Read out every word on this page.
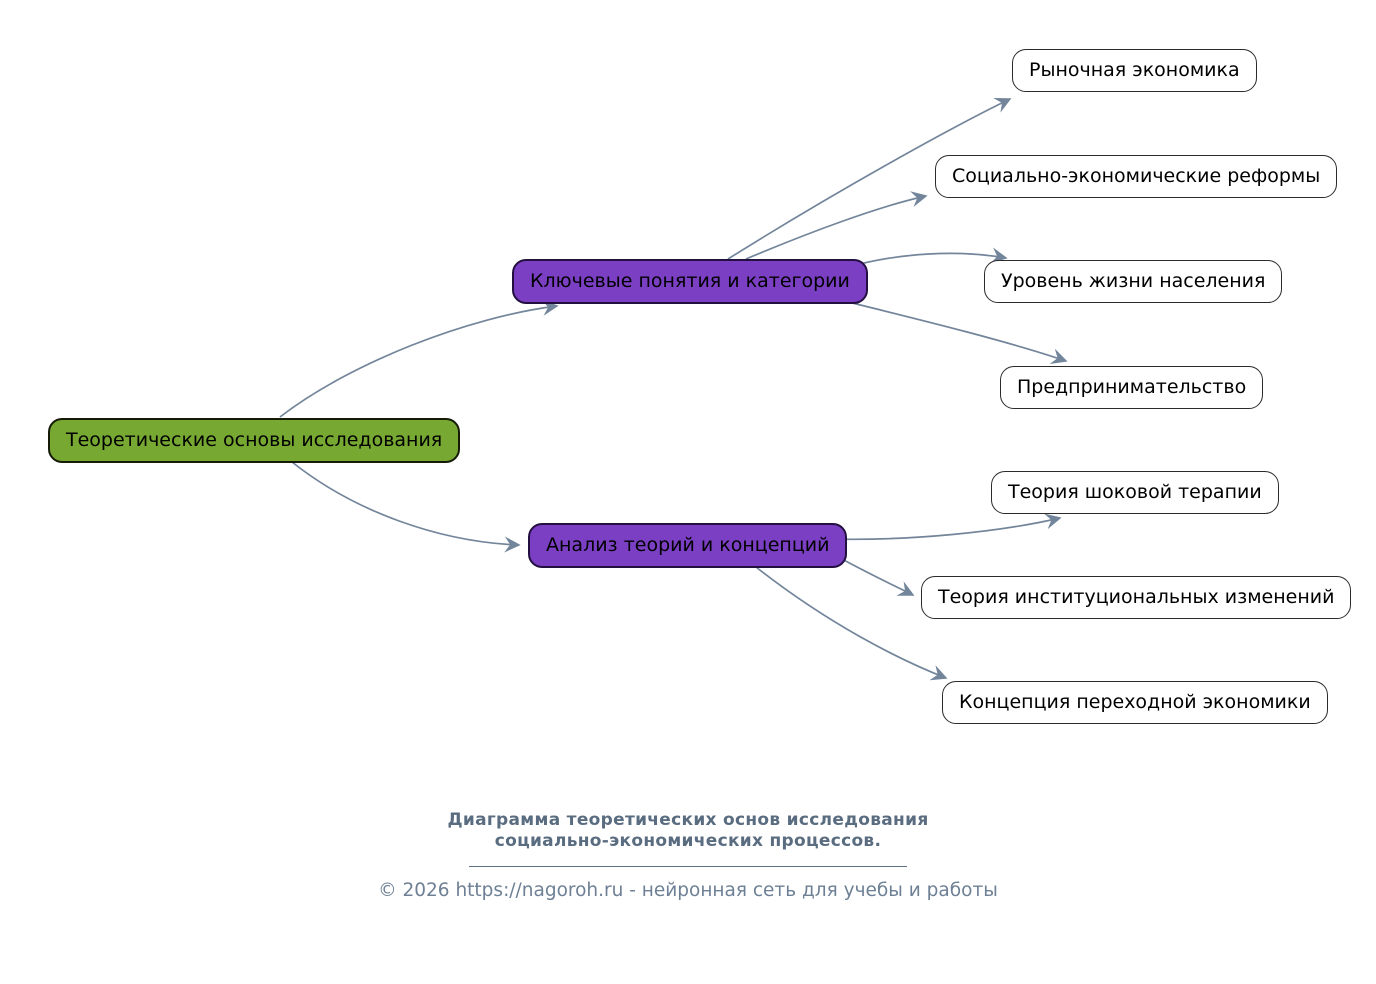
Теоретические основы исследования
Ключевые понятия и категории
Анализ теорий и концепций
Рыночная экономика
Социально-экономические реформы
Уровень жизни населения
Предпринимательство
Теория шоковой терапии
Теория институциональных изменений
Концепция переходной экономики
Диаграмма теоретических основ исследования
социально-экономических процессов.
© 2026 https://nagoroh.ru - нейронная сеть для учебы и работы
